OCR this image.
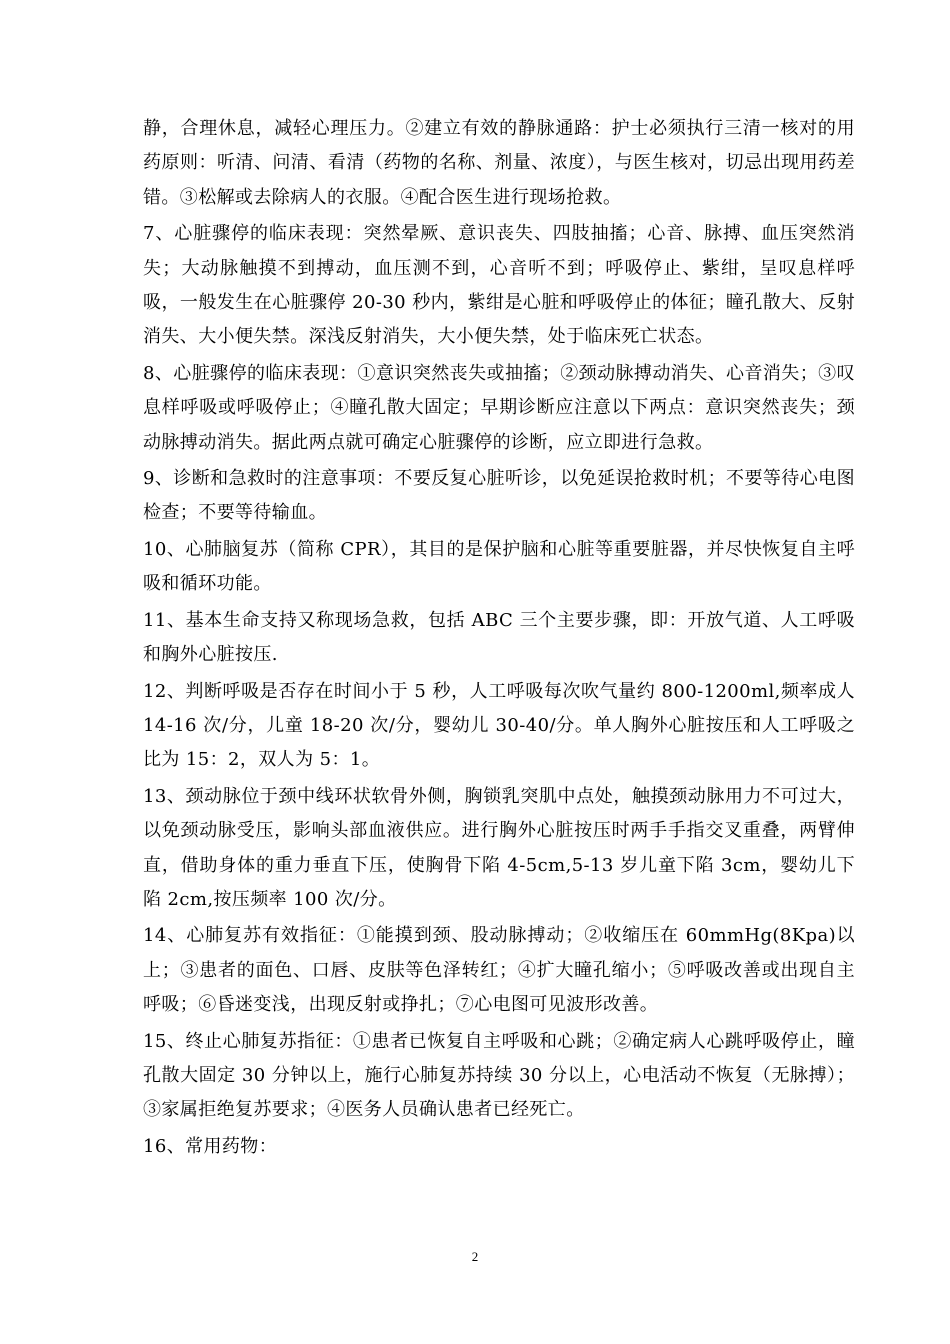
静，合理休息，减轻心理压力。②建立有效的静脉通路：护士必须执行三清一核对的用药原则：听清、问清、看清（药物的名称、剂量、浓度），与医生核对，切忌出现用药差错。③松解或去除病人的衣服。④配合医生进行现场抢救。

7、心脏骤停的临床表现：突然晕厥、意识丧失、四肢抽搐；心音、脉搏、血压突然消失；大动脉触摸不到搏动，血压测不到，心音听不到；呼吸停止、紫绀，呈叹息样呼吸，一般发生在心脏骤停 20-30 秒内，紫绀是心脏和呼吸停止的体征；瞳孔散大、反射消失、大小便失禁。深浅反射消失，大小便失禁，处于临床死亡状态。

8、心脏骤停的临床表现：①意识突然丧失或抽搐；②颈动脉搏动消失、心音消失；③叹息样呼吸或呼吸停止；④瞳孔散大固定；早期诊断应注意以下两点：意识突然丧失；颈动脉搏动消失。据此两点就可确定心脏骤停的诊断，应立即进行急救。

9、诊断和急救时的注意事项：不要反复心脏听诊，以免延误抢救时机；不要等待心电图检查；不要等待输血。

10、心肺脑复苏（简称 CPR），其目的是保护脑和心脏等重要脏器，并尽快恢复自主呼吸和循环功能。

11、基本生命支持又称现场急救，包括 ABC 三个主要步骤，即：开放气道、人工呼吸和胸外心脏按压.

12、判断呼吸是否存在时间小于 5 秒，人工呼吸每次吹气量约 800-1200ml,频率成人 14-16 次/分，儿童 18-20 次/分，婴幼儿 30-40/分。单人胸外心脏按压和人工呼吸之比为 15：2，双人为 5：1。

13、颈动脉位于颈中线环状软骨外侧，胸锁乳突肌中点处，触摸颈动脉用力不可过大，以免颈动脉受压，影响头部血液供应。进行胸外心脏按压时两手手指交叉重叠，两臂伸直，借助身体的重力垂直下压，使胸骨下陷 4-5cm,5-13 岁儿童下陷 3cm，婴幼儿下陷 2cm,按压频率 100 次/分。

14、心肺复苏有效指征：①能摸到颈、股动脉搏动；②收缩压在 60mmHg(8Kpa)以上；③患者的面色、口唇、皮肤等色泽转红；④扩大瞳孔缩小；⑤呼吸改善或出现自主呼吸；⑥昏迷变浅，出现反射或挣扎；⑦心电图可见波形改善。

15、终止心肺复苏指征：①患者已恢复自主呼吸和心跳；②确定病人心跳呼吸停止，瞳孔散大固定 30 分钟以上，施行心肺复苏持续 30 分以上，心电活动不恢复（无脉搏）；③家属拒绝复苏要求；④医务人员确认患者已经死亡。

16、常用药物：

2
